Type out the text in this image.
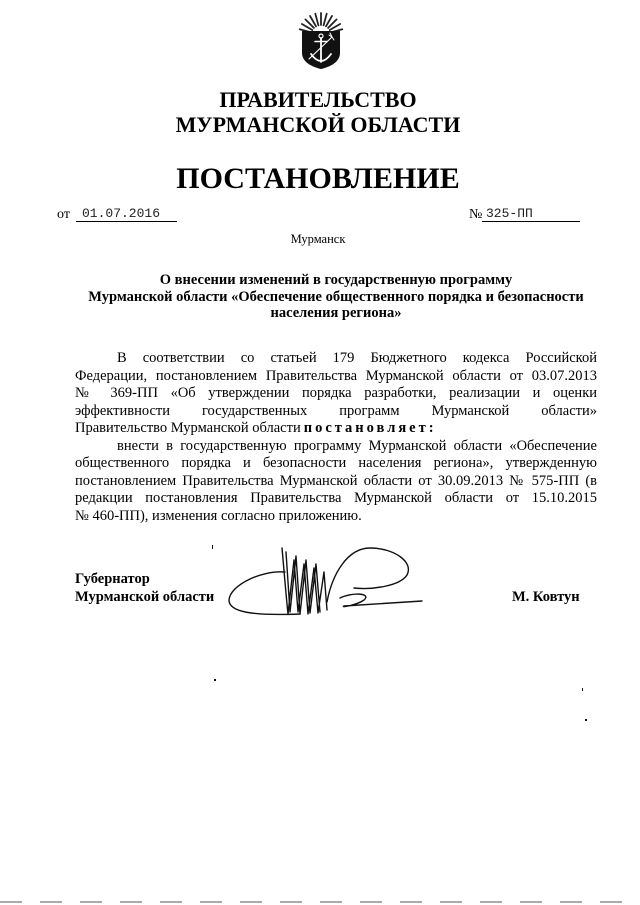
ПРАВИТЕЛЬСТВО
МУРМАНСКОЙ ОБЛАСТИ
ПОСТАНОВЛЕНИЕ
от 01.07.2016	№ 325-ПП
Мурманск
О внесении изменений в государственную программу
Мурманской области «Обеспечение общественного порядка и безопасности
населения региона»
В соответствии со статьей 179 Бюджетного кодекса Российской
Федерации, постановлением Правительства Мурманской области от 03.07.2013
№ 369-ПП «Об утверждении порядка разработки, реализации и оценки
эффективности государственных программ Мурманской области»
Правительство Мурманской области постановляет:
внести в государственную программу Мурманской области «Обеспечение
общественного порядка и безопасности населения региона», утвержденную
постановлением Правительства Мурманской области от 30.09.2013 № 575-ПП (в
редакции постановления Правительства Мурманской области от 15.10.2015
№ 460-ПП), изменения согласно приложению.
Губернатор
Мурманской области	М. Ковтун
